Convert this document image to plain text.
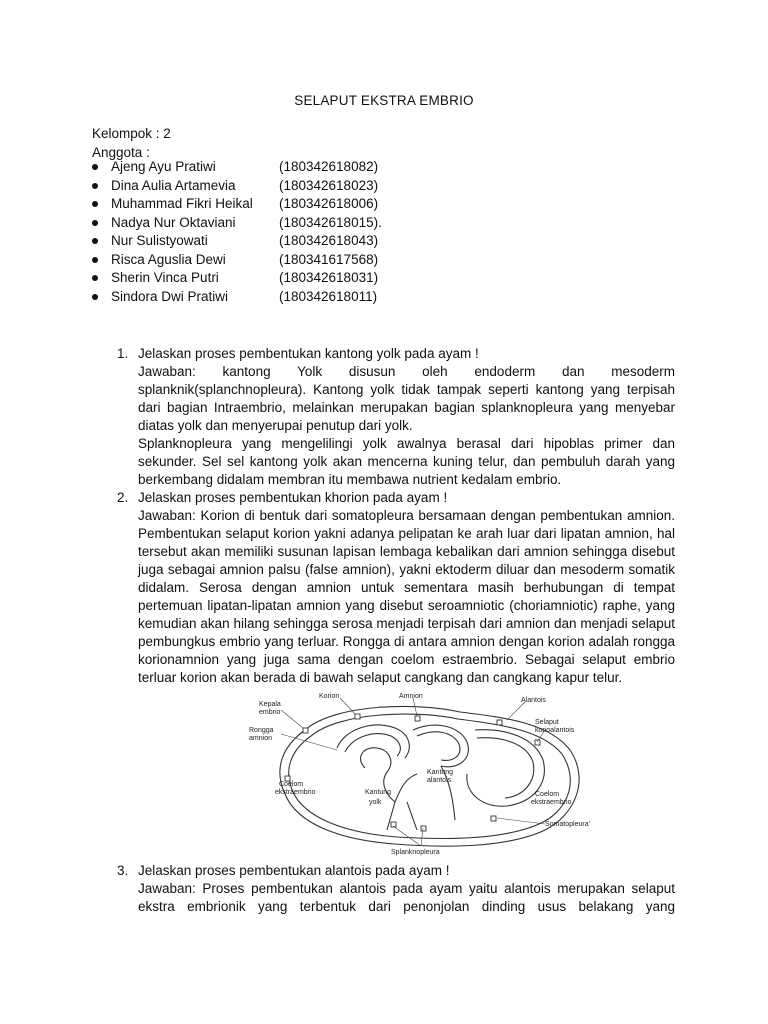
SELAPUT EKSTRA EMBRIO
Kelompok : 2
Anggota :
Ajeng Ayu Pratiwi	(180342618082)
Dina Aulia Artamevia	(180342618023)
Muhammad Fikri Heikal (180342618006)
Nadya Nur Oktaviani	(180342618015).
Nur Sulistyowati	(180342618043)
Risca Aguslia Dewi	(180341617568)
Sherin Vinca Putri	(180342618031)
Sindora Dwi Pratiwi	(180342618011)
1. Jelaskan proses pembentukan kantong yolk pada ayam !
Jawaban: kantong Yolk disusun oleh endoderm dan mesoderm splanknik(splanchnopleura). Kantong yolk tidak tampak seperti kantong yang terpisah dari bagian Intraembrio, melainkan merupakan bagian splanknopleura yang menyebar diatas yolk dan menyerupai penutup dari yolk.
Splanknopleura yang mengelilingi yolk awalnya berasal dari hipoblas primer dan sekunder. Sel sel kantong yolk akan mencerna kuning telur, dan pembuluh darah yang berkembang didalam membran itu membawa nutrient kedalam embrio.
2. Jelaskan proses pembentukan khorion pada ayam !
Jawaban: Korion di bentuk dari somatopleura bersamaan dengan pembentukan amnion. Pembentukan selaput korion yakni adanya pelipatan ke arah luar dari lipatan amnion, hal tersebut akan memiliki susunan lapisan lembaga kebalikan dari amnion sehingga disebut juga sebagai amnion palsu (false amnion), yakni ektoderm diluar dan mesoderm somatik didalam. Serosa dengan amnion untuk sementara masih berhubungan di tempat pertemuan lipatan-lipatan amnion yang disebut seroamniotic (choriamniotic) raphe, yang kemudian akan hilang sehingga serosa menjadi terpisah dari amnion dan menjadi selaput pembungkus embrio yang terluar. Rongga di antara amnion dengan korion adalah rongga korionamnion yang juga sama dengan coelom estraembrio. Sebagai selaput embrio terluar korion akan berada di bawah selaput cangkang dan cangkang kapur telur.
Korion	Amnion
Alantois
Kepala
embrio
Rongga
amnion
Selaput
korioalantois
Kantung
alantois
Coelom
ekstraembrio	Coelom
ekstraembrio
Kantung
yolk
Somatopleura'
Splanknopleura
3. Jelaskan proses pembentukan alantois pada ayam !
Jawaban: Proses pembentukan alantois pada ayam yaitu alantois merupakan selaput ekstra embrionik yang terbentuk dari penonjolan dinding usus belakang yang
